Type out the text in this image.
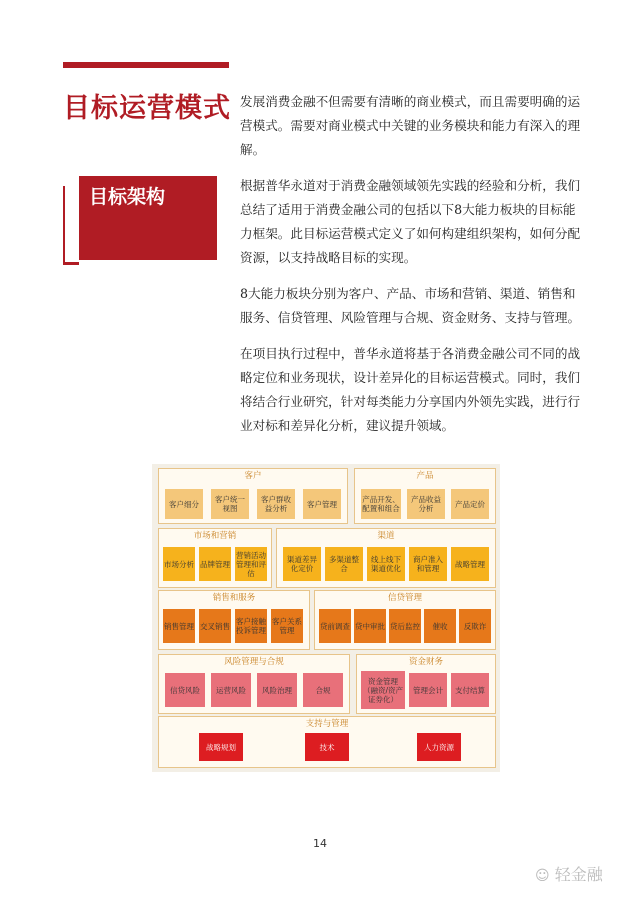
目标运营模式
目标架构

发展消费金融不但需要有清晰的商业模式，而且需要明确的运营模式。需要对商业模式中关键的业务模块和能力有深入的理解。

根据普华永道对于消费金融领域领先实践的经验和分析，我们总结了适用于消费金融公司的包括以下8大能力板块的目标能力框架。此目标运营模式定义了如何构建组织架构，如何分配资源，以支持战略目标的实现。

8大能力板块分别为客户、产品、市场和营销、渠道、销售和服务、信贷管理、风险管理与合规、资金财务、支持与管理。

在项目执行过程中，普华永道将基于各消费金融公司不同的战略定位和业务现状，设计差异化的目标运营模式。同时，我们将结合行业研究，针对每类能力分享国内外领先实践，进行行业对标和差异化分析，建议提升领域。

客户
客户细分	客户统一视图
客户群收益分析	客户管理
产品
产品开发、配置和组合
产品收益分析	产品定价
市场和营销
市场分析 品牌管理
营销活动管理和评估
渠道
渠道差异化定价
多渠道整合
线上线下渠道优化
商户准入和管理	战略管理
销售和服务
销售管理 交叉销售 客户接触投诉管理
客户关系管理
信贷管理
贷前调查 贷中审批 贷后监控	催收	反欺诈
风险管理与合规
信贷风险	运营风险	风险治理	合规
资金财务
资金管理（融资/资产证券化）
管理会计	支付结算
支持与管理
战略规划	技术	人力资源
14
☺ 轻金融
